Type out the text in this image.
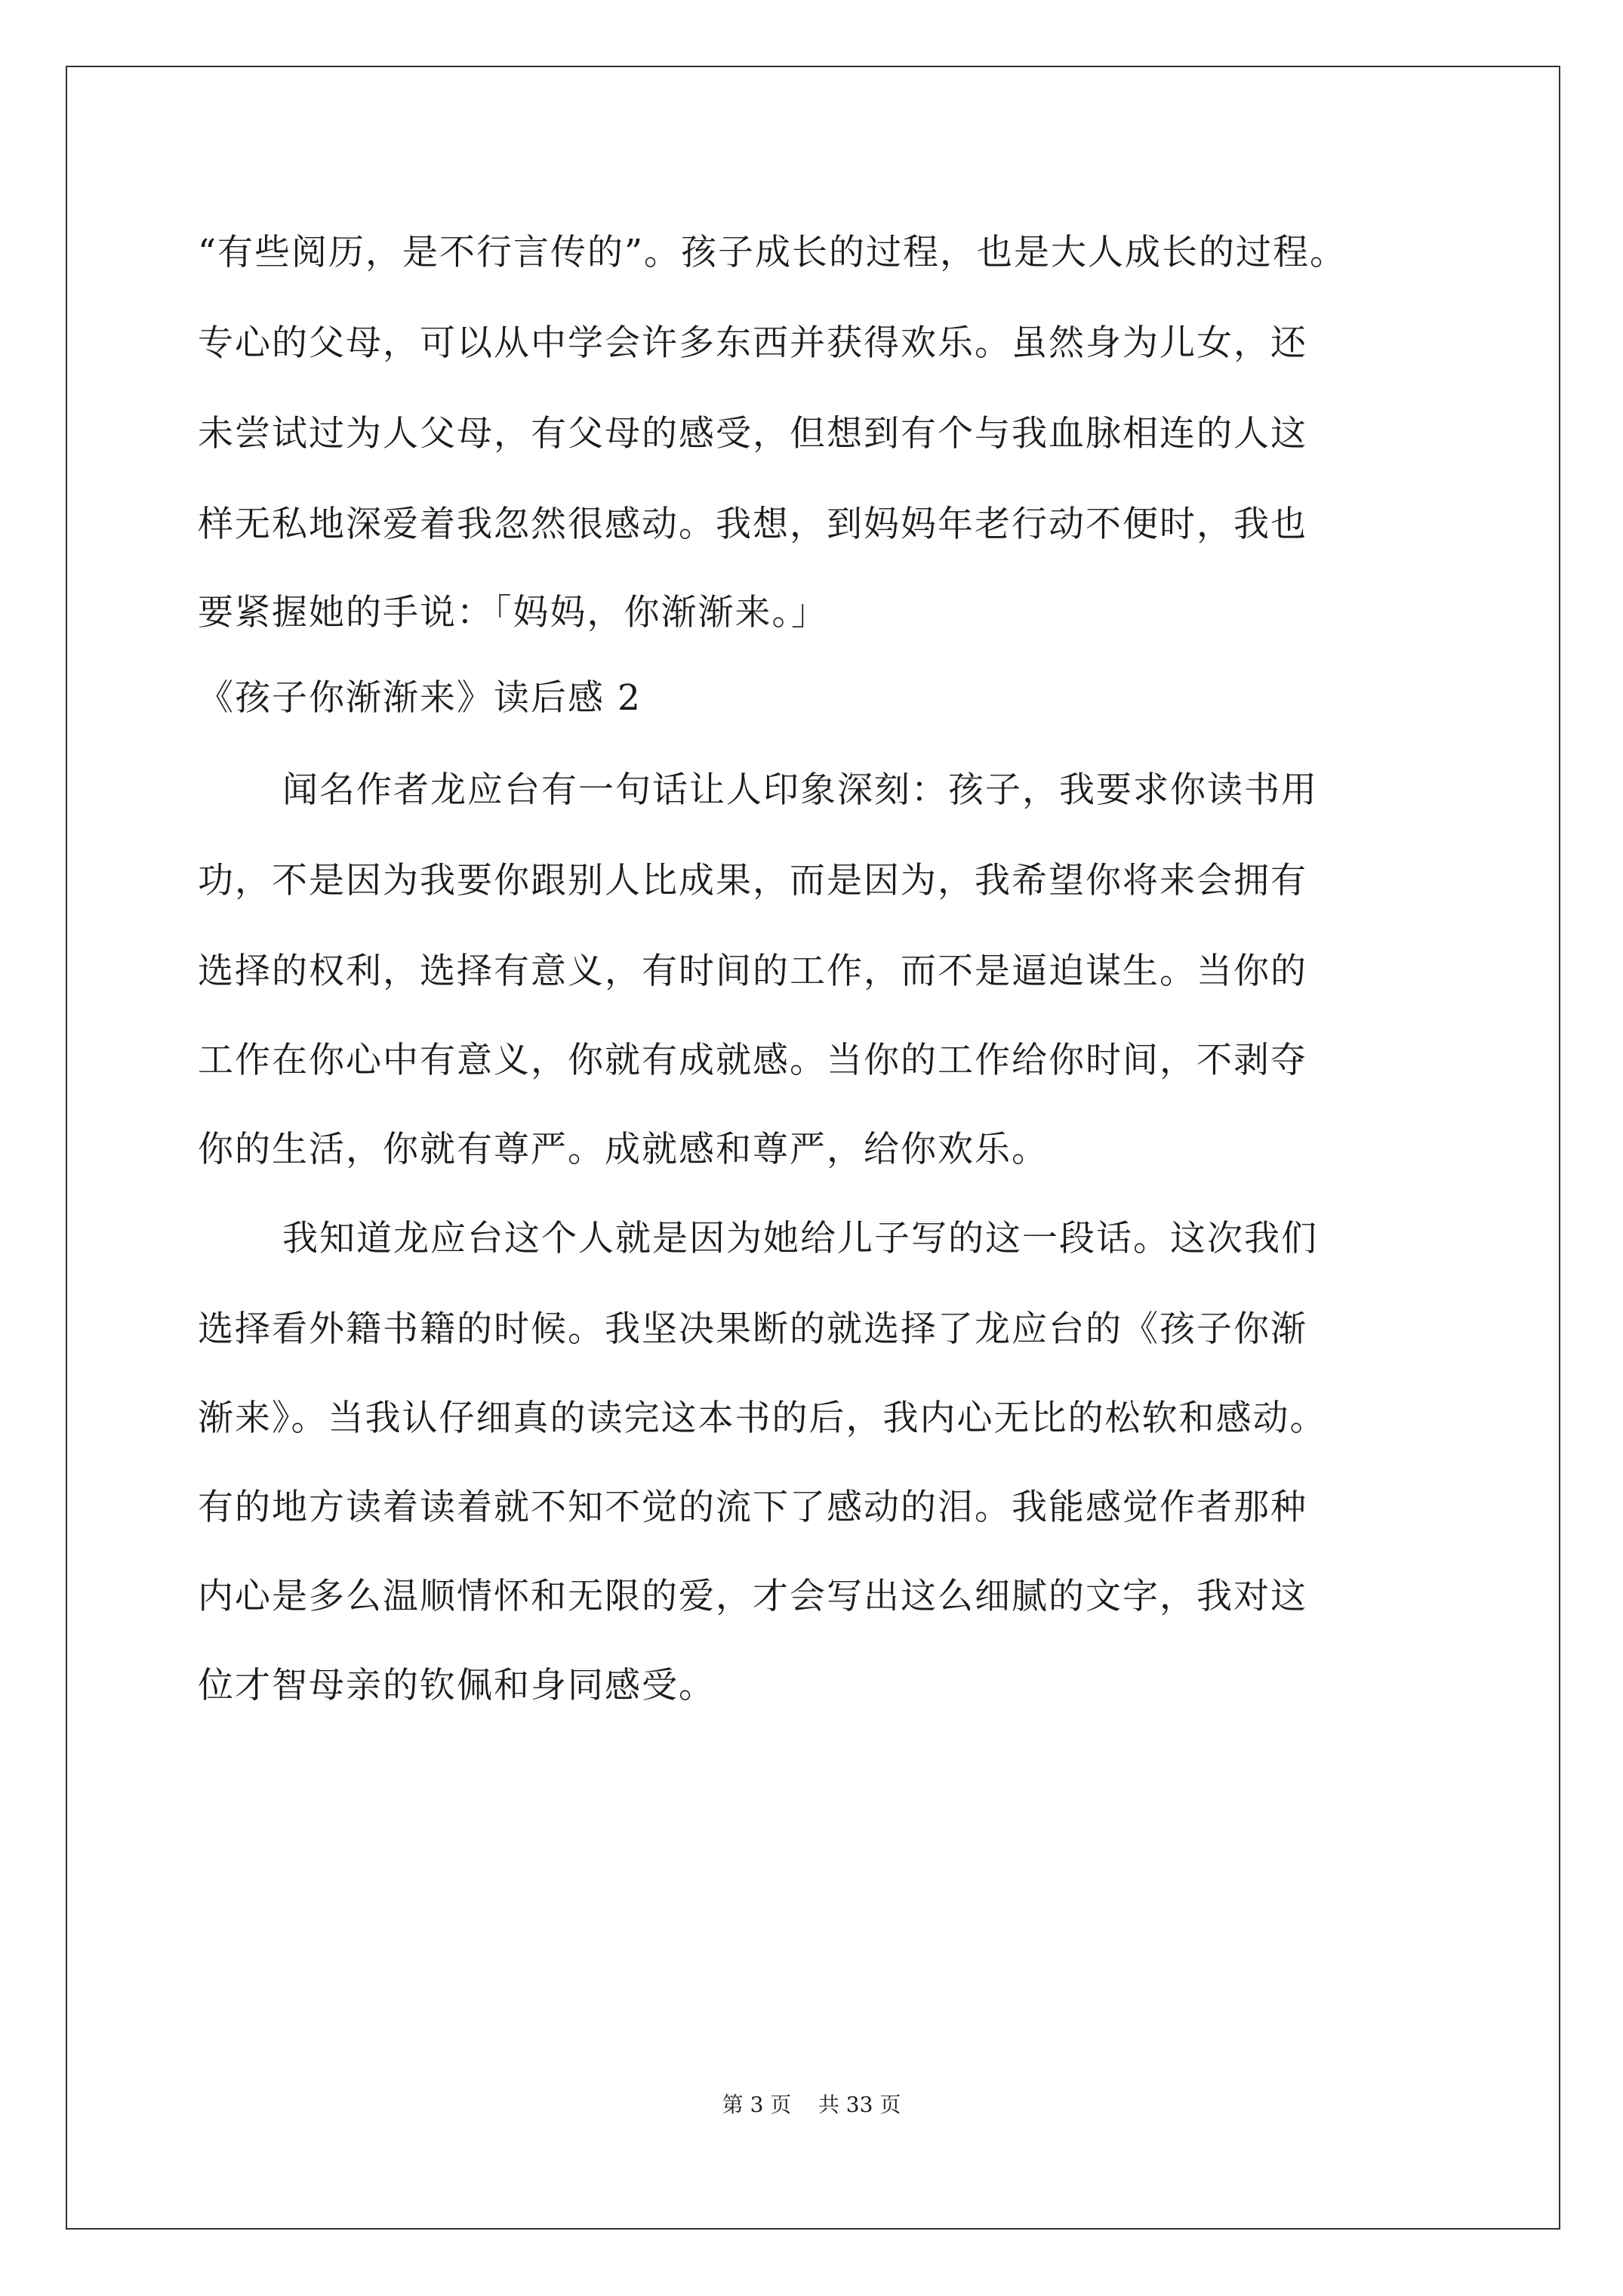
“有些阅历，是不行言传的”。孩子成长的过程，也是大人成长的过程。
专心的父母，可以从中学会许多东西并获得欢乐。虽然身为儿女，还
未尝试过为人父母，有父母的感受，但想到有个与我血脉相连的人这
样无私地深爱着我忽然很感动。我想，到妈妈年老行动不便时，我也
要紧握她的手说：「妈妈，你渐渐来。」
《孩子你渐渐来》读后感 2
闻名作者龙应台有一句话让人印象深刻：孩子，我要求你读书用
功，不是因为我要你跟别人比成果，而是因为，我希望你将来会拥有
选择的权利，选择有意义，有时间的工作，而不是逼迫谋生。当你的
工作在你心中有意义，你就有成就感。当你的工作给你时间，不剥夺
你的生活，你就有尊严。成就感和尊严，给你欢乐。
我知道龙应台这个人就是因为她给儿子写的这一段话。这次我们
选择看外籍书籍的时候。我坚决果断的就选择了龙应台的《孩子你渐
渐来》。当我认仔细真的读完这本书的后，我内心无比的松软和感动。
有的地方读着读着就不知不觉的流下了感动的泪。我能感觉作者那种
内心是多么温顺情怀和无限的爱，才会写出这么细腻的文字，我对这
位才智母亲的钦佩和身同感受。
第 3 页    共 33 页
